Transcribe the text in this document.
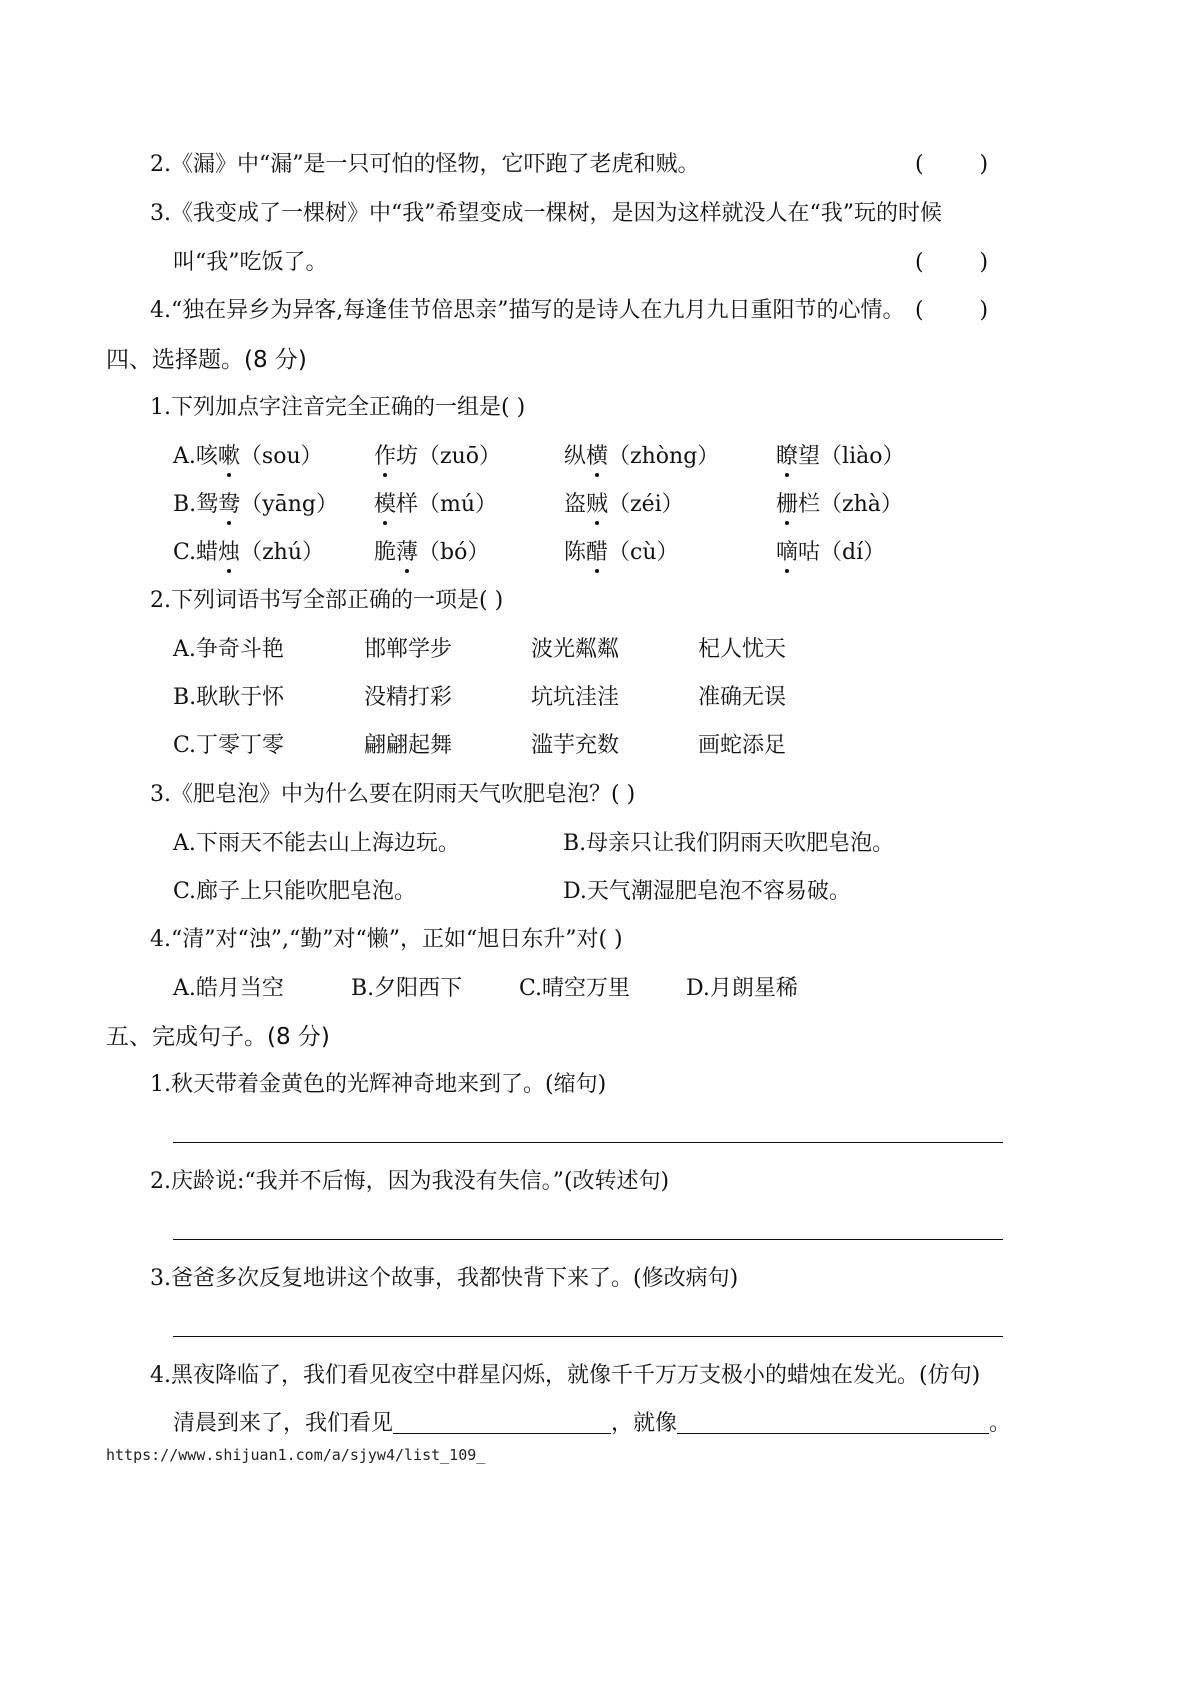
2.《漏》中“漏”是一只可怕的怪物，它吓跑了老虎和贼。	(        )
3.《我变成了一棵树》中“我”希望变成一棵树，是因为这样就没人在“我”玩的时候
叫“我”吃饭了。	(        )
4.“独在异乡为异客,每逢佳节倍思亲”描写的是诗人在九月九日重阳节的心情。 (        )
四、选择题。(8 分)
1.下列加点字注音完全正确的一组是( )
A.咳嗽（sou） 作坊（zuō）	纵横（zhòng）	瞭望（liào）
B.鸳鸯（yāng） 模样（mú）	盗贼（zéi）	栅栏（zhà）
C.蜡烛（zhú） 脆薄（bó）	陈醋（cù）	嘀咕（dí）
2.下列词语书写全部正确的一项是( )
A.争奇斗艳	邯郸学步	波光粼粼	杞人忧天
B.耿耿于怀	没精打彩	坑坑洼洼	准确无误
C.丁零丁零	翩翩起舞	滥芋充数	画蛇添足
3.《肥皂泡》中为什么要在阴雨天气吹肥皂泡？( )
A.下雨天不能去山上海边玩。	B.母亲只让我们阴雨天吹肥皂泡。
C.廊子上只能吹肥皂泡。	D.天气潮湿肥皂泡不容易破。
4.“清”对“浊”,“勤”对“懒”，正如“旭日东升”对( )
A.皓月当空	B.夕阳西下	C.晴空万里	D.月朗星稀
五、完成句子。(8 分)
1.秋天带着金黄色的光辉神奇地来到了。(缩句)
2.庆龄说:“我并不后悔，因为我没有失信。”(改转述句)
3.爸爸多次反复地讲这个故事，我都快背下来了。(修改病句)
4.黑夜降临了，我们看见夜空中群星闪烁，就像千千万万支极小的蜡烛在发光。(仿句)
清晨到来了，我们看见	，就像	。
https://www.shijuan1.com/a/sjyw4/list_109_
